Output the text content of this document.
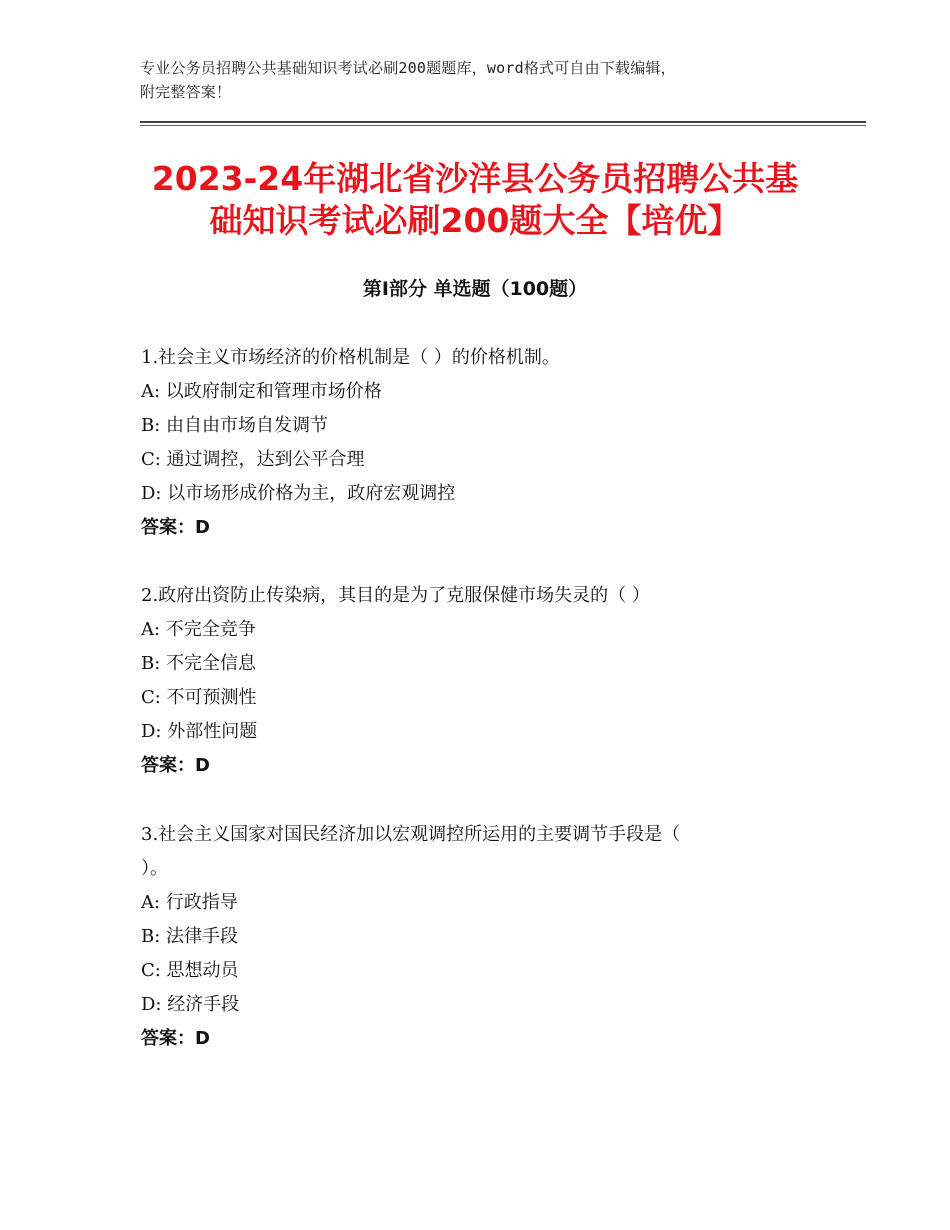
专业公务员招聘公共基础知识考试必刷200题题库，word格式可自由下载编辑，
附完整答案！
2023-24年湖北省沙洋县公务员招聘公共基
础知识考试必刷200题大全【培优】
第Ⅰ部分 单选题（100题）
1.社会主义市场经济的价格机制是（ ）的价格机制。
A: 以政府制定和管理市场价格
B: 由自由市场自发调节
C: 通过调控，达到公平合理
D: 以市场形成价格为主，政府宏观调控
答案：D
2.政府出资防止传染病，其目的是为了克服保健市场失灵的（ ）
A: 不完全竞争
B: 不完全信息
C: 不可预测性
D: 外部性问题
答案：D
3.社会主义国家对国民经济加以宏观调控所运用的主要调节手段是（
）。
A: 行政指导
B: 法律手段
C: 思想动员
D: 经济手段
答案：D
